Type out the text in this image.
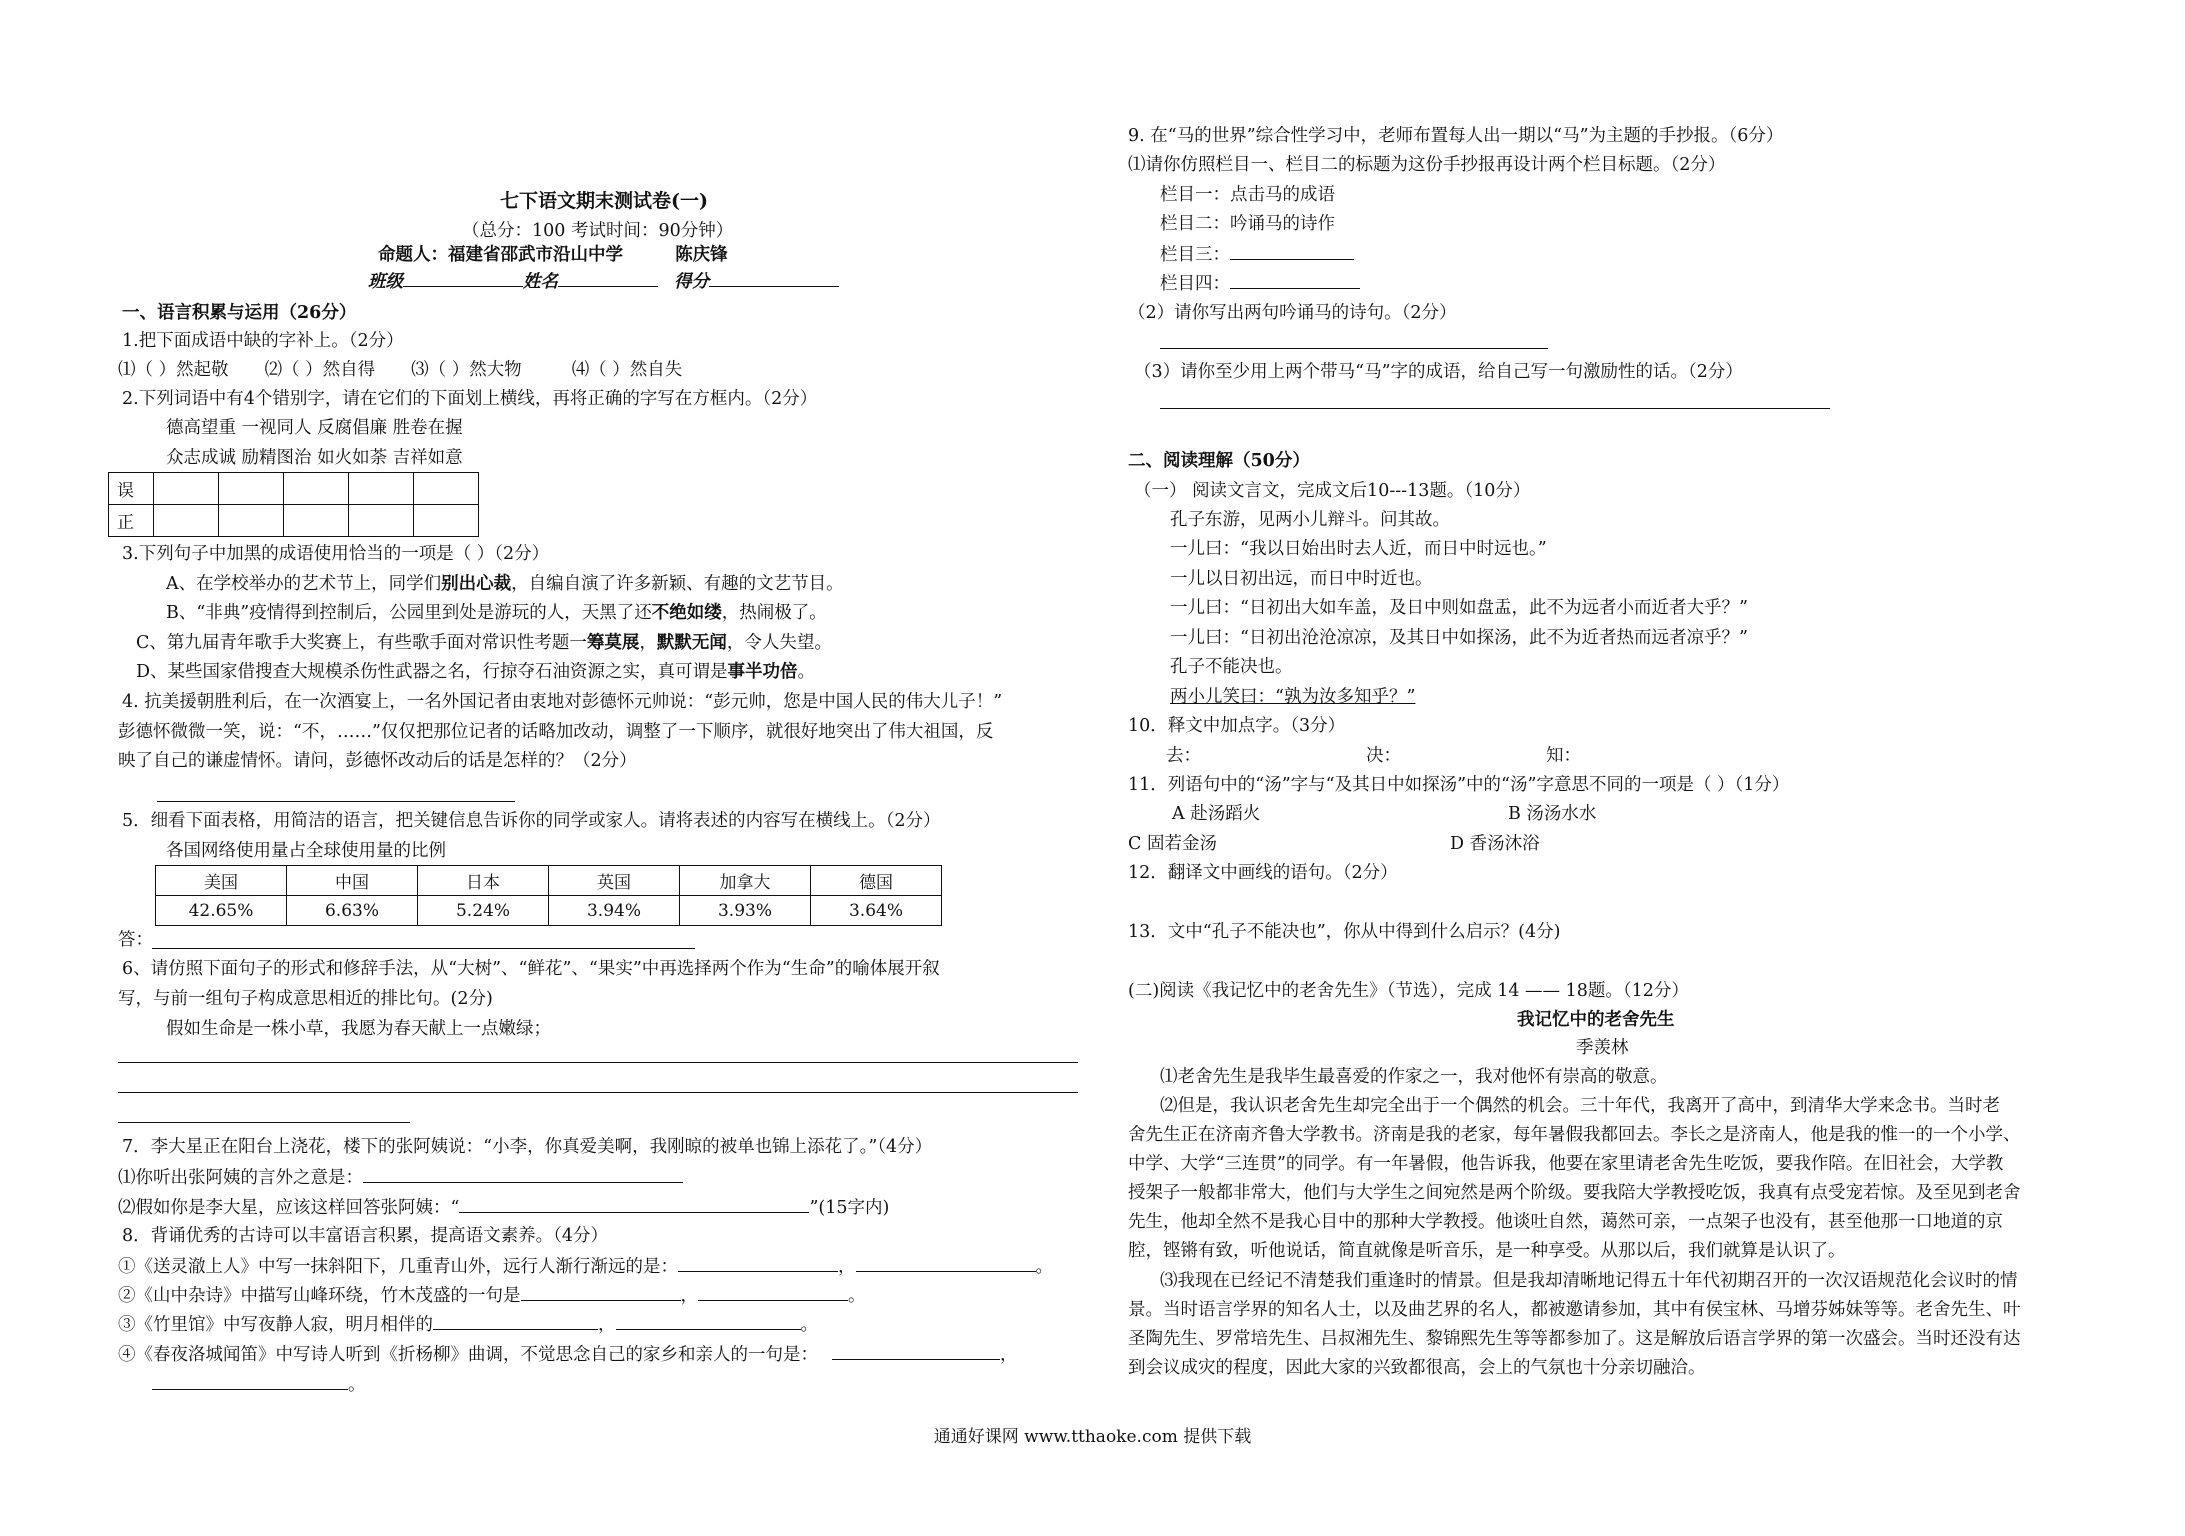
七下语文期末测试卷(一)
（总分：100 考试时间：90分钟）
命题人：福建省邵武市沿山中学	陈庆锋
班级	姓名	得分
一、语言积累与运用（26分）
1.把下面成语中缺的字补上。（2分）
⑴（ ）然起敬 ⑵（ ）然自得 ⑶（ ）然大物	⑷（ ）然自失
2.下列词语中有4个错别字，请在它们的下面划上横线，再将正确的字写在方框内。（2分）
德高望重 一视同人 反腐倡廉 胜卷在握
众志成诚 励精图治 如火如荼 吉祥如意
误					
正					
3.下列句子中加黑的成语使用恰当的一项是（ ）（2分）
A、在学校举办的艺术节上，同学们别出心裁，自编自演了许多新颖、有趣的文艺节目。
B、“非典”疫情得到控制后，公园里到处是游玩的人，天黑了还不绝如缕，热闹极了。
C、第九届青年歌手大奖赛上，有些歌手面对常识性考题一筹莫展，默默无闻，令人失望。
D、某些国家借搜查大规模杀伤性武器之名，行掠夺石油资源之实，真可谓是事半功倍。
4. 抗美援朝胜利后，在一次酒宴上，一名外国记者由衷地对彭德怀元帅说：“彭元帅，您是中国人民的伟大儿子！”
彭德怀微微一笑，说：“不，……”仅仅把那位记者的话略加改动，调整了一下顺序，就很好地突出了伟大祖国，反
映了自己的谦虚情怀。请问，彭德怀改动后的话是怎样的？（2分）
5．细看下面表格，用简洁的语言，把关键信息告诉你的同学或家人。请将表述的内容写在横线上。（2分）
各国网络使用量占全球使用量的比例
美国	中国	日本	英国	加拿大	德国
42.65%	6.63%	5.24%	3.94%	3.93%	3.64%
答：
6、请仿照下面句子的形式和修辞手法，从“大树”、“鲜花”、“果实”中再选择两个作为“生命”的喻体展开叙
写，与前一组句子构成意思相近的排比句。(2分)
假如生命是一株小草，我愿为春天献上一点嫩绿；
7．李大星正在阳台上浇花，楼下的张阿姨说：“小李，你真爱美啊，我刚晾的被单也锦上添花了。”（4分）
⑴你听出张阿姨的言外之意是：
⑵假如你是李大星，应该这样回答张阿姨：“	”(15字内)
8．背诵优秀的古诗可以丰富语言积累，提高语文素养。（4分）
①《送灵澈上人》中写一抹斜阳下，几重青山外，远行人渐行渐远的是：	，	。
②《山中杂诗》中描写山峰环绕，竹木茂盛的一句是	，	。
③《竹里馆》中写夜静人寂，明月相伴的	，	。
④《春夜洛城闻笛》中写诗人听到《折杨柳》曲调，不觉思念自己的家乡和亲人的一句是：	，
。
9. 在“马的世界”综合性学习中，老师布置每人出一期以“马”为主题的手抄报。（6分）
⑴请你仿照栏目一、栏目二的标题为这份手抄报再设计两个栏目标题。（2分）
栏目一：点击马的成语
栏目二：吟诵马的诗作
栏目三：
栏目四：
（2）请你写出两句吟诵马的诗句。（2分）
（3）请你至少用上两个带马“马”字的成语，给自己写一句激励性的话。（2分）
二、阅读理解（50分）
（一） 阅读文言文，完成文后10---13题。（10分）
孔子东游，见两小儿辩斗。问其故。
一儿曰：“我以日始出时去人近，而日中时远也。”
一儿以日初出远，而日中时近也。
一儿曰：“日初出大如车盖，及日中则如盘盂，此不为远者小而近者大乎？”
一儿曰：“日初出沧沧凉凉，及其日中如探汤，此不为近者热而远者凉乎？”
孔子不能决也。
两小儿笑曰：“孰为汝多知乎？”
10．释文中加点字。（3分）
去：	决：	知：
11．列语句中的“汤”字与“及其日中如探汤”中的“汤”字意思不同的一项是（ ）（1分）
A 赴汤蹈火	B 汤汤水水
C 固若金汤	D 香汤沐浴
12．翻译文中画线的语句。（2分）
13．文中“孔子不能决也”，你从中得到什么启示？(4分)
(二)阅读《我记忆中的老舍先生》（节选），完成 14 —— 18题。（12分）
我记忆中的老舍先生
季羡林
⑴老舍先生是我毕生最喜爱的作家之一，我对他怀有崇高的敬意。
⑵但是，我认识老舍先生却完全出于一个偶然的机会。三十年代，我离开了高中，到清华大学来念书。当时老
舍先生正在济南齐鲁大学教书。济南是我的老家，每年暑假我都回去。李长之是济南人，他是我的惟一的一个小学、
中学、大学“三连贯”的同学。有一年暑假，他告诉我，他要在家里请老舍先生吃饭，要我作陪。在旧社会，大学教
授架子一般都非常大，他们与大学生之间宛然是两个阶级。要我陪大学教授吃饭，我真有点受宠若惊。及至见到老舍
先生，他却全然不是我心目中的那种大学教授。他谈吐自然，蔼然可亲，一点架子也没有，甚至他那一口地道的京
腔，铿锵有致，听他说话，简直就像是听音乐，是一种享受。从那以后，我们就算是认识了。
⑶我现在已经记不清楚我们重逢时的情景。但是我却清晰地记得五十年代初期召开的一次汉语规范化会议时的情
景。当时语言学界的知名人士，以及曲艺界的名人，都被邀请参加，其中有侯宝林、马增芬姊妹等等。老舍先生、叶
圣陶先生、罗常培先生、吕叔湘先生、黎锦熙先生等等都参加了。这是解放后语言学界的第一次盛会。当时还没有达
到会议成灾的程度，因此大家的兴致都很高，会上的气氛也十分亲切融洽。
通通好课网 www.tthaoke.com 提供下载
